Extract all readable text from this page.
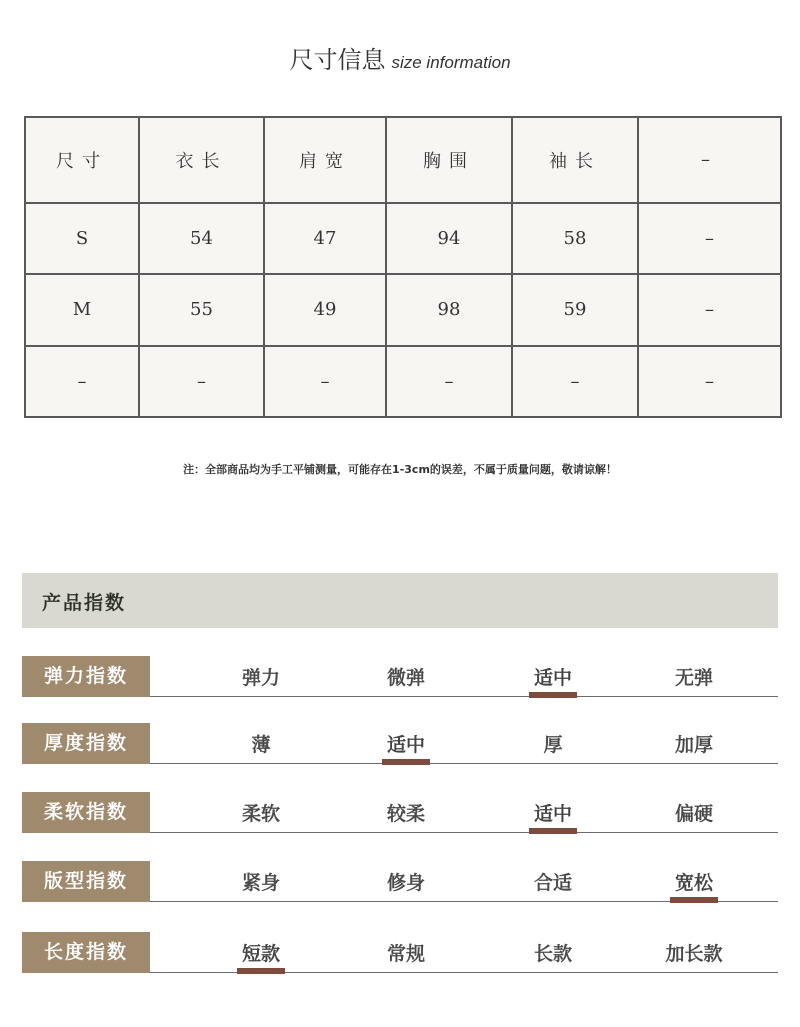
尺寸信息 size information
尺寸	衣长	肩宽	胸围	袖长	–
S	54	47	94	58	–
M	55	49	98	59	–
–	–	–	–	–	–
注：全部商品均为手工平铺测量，可能存在1-3cm的误差，不属于质量问题，敬请谅解！
产品指数
弹力指数	弹力	微弹	适中	无弹
厚度指数	薄	适中	厚	加厚
柔软指数	柔软	较柔	适中	偏硬
版型指数	紧身	修身	合适	宽松
长度指数	短款	常规	长款	加长款
